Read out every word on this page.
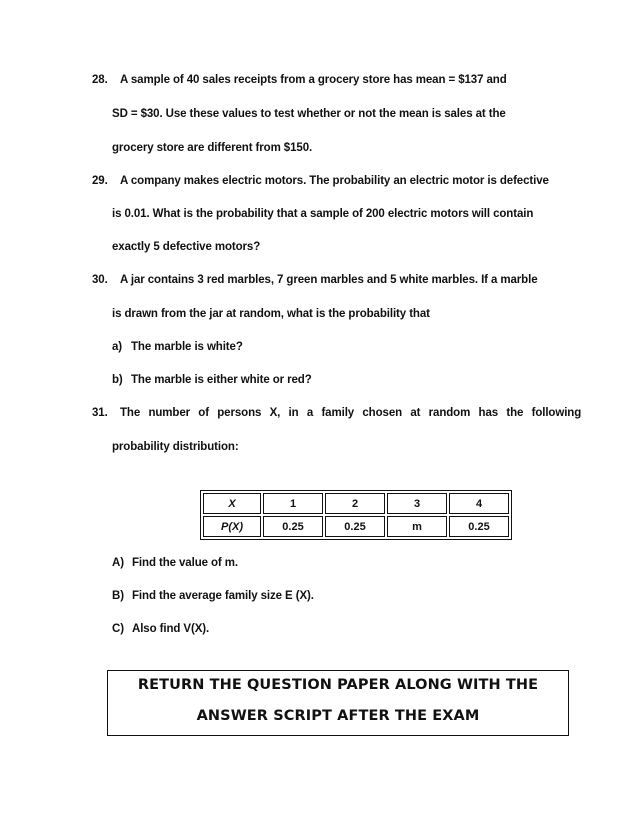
28. A sample of 40 sales receipts from a grocery store has mean = $137 and
SD = $30. Use these values to test whether or not the mean is sales at the
grocery store are different from $150.
29. A company makes electric motors. The probability an electric motor is defective
is 0.01. What is the probability that a sample of 200 electric motors will contain
exactly 5 defective motors?
30. A jar contains 3 red marbles, 7 green marbles and 5 white marbles. If a marble
is drawn from the jar at random, what is the probability that
a) The marble is white?
b) The marble is either white or red?
31. The number of persons X, in a family chosen at random has the following
probability distribution:
X	1	2	3	4
P(X)	0.25	0.25	m	0.25
A) Find the value of m.
B) Find the average family size E (X).
C) Also find V(X).
RETURN THE QUESTION PAPER ALONG WITH THE
ANSWER SCRIPT AFTER THE EXAM
